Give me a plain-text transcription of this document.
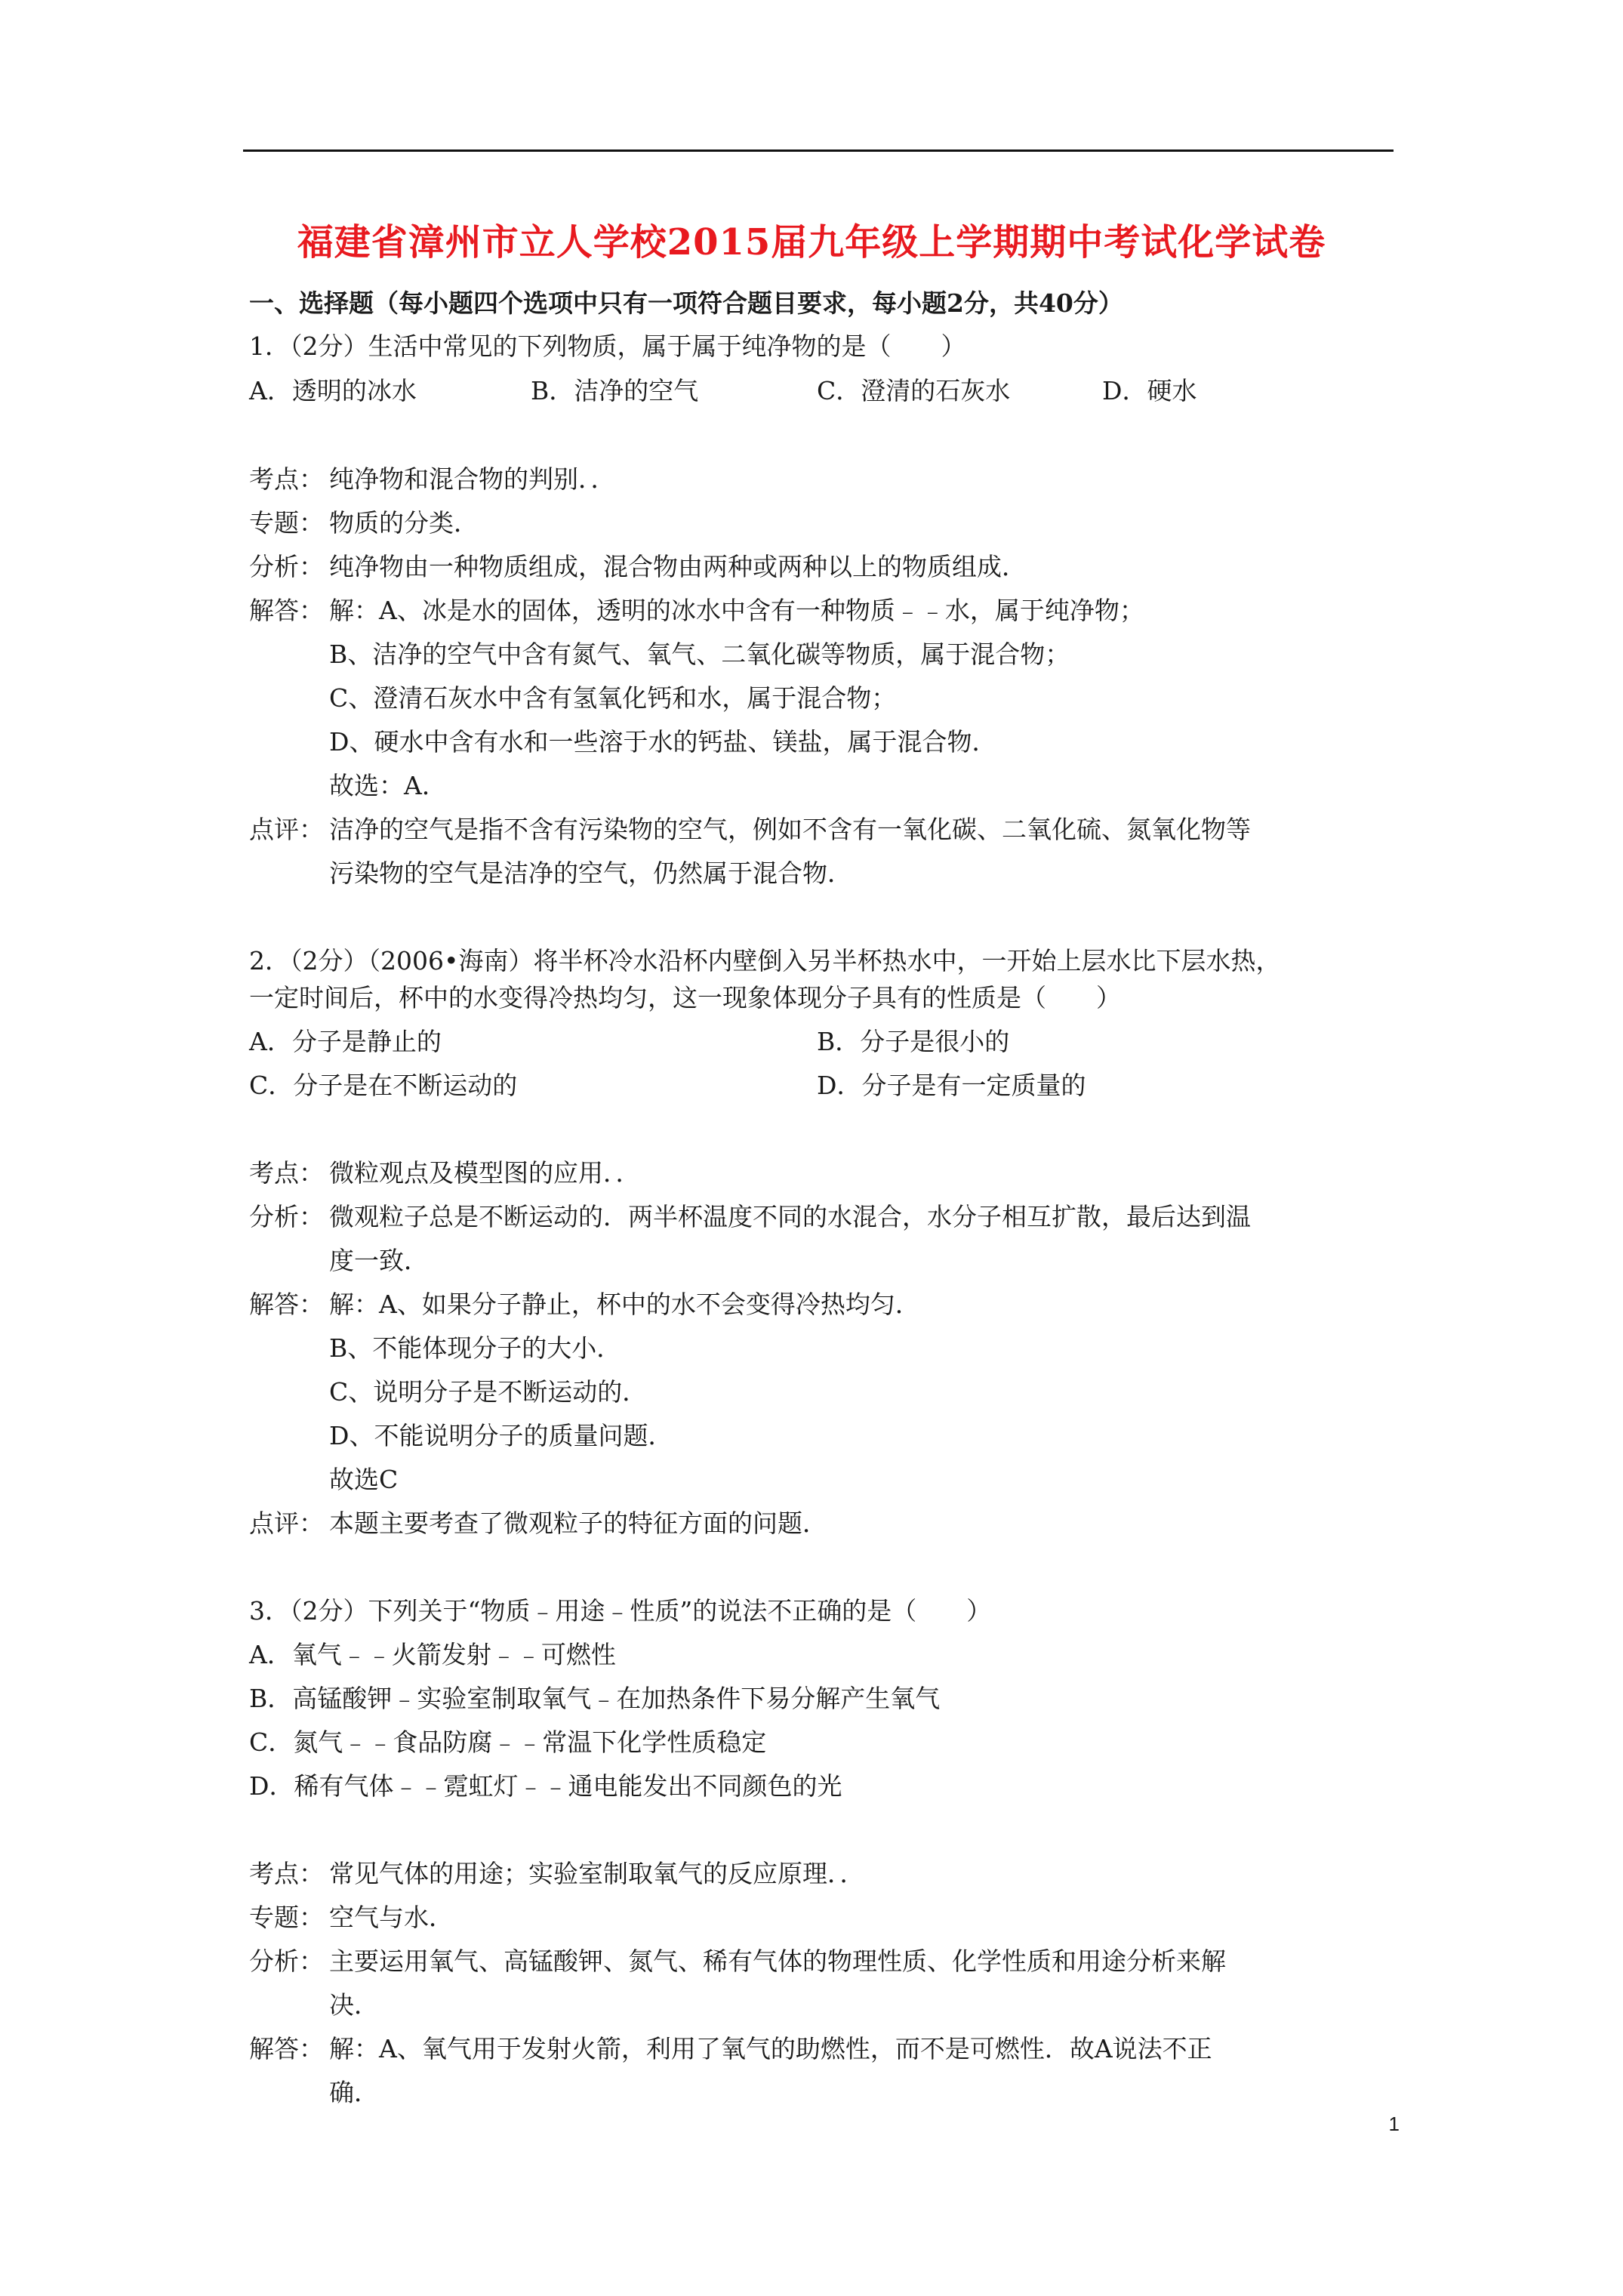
福建省漳州市立人学校2015届九年级上学期期中考试化学试卷
一、选择题（每小题四个选项中只有一项符合题目要求，每小题2分，共40分）
1．（2分）生活中常见的下列物质，属于属于纯净物的是（　　）
A．透明的冰水	B．洁净的空气	C．澄清的石灰水	D．硬水
考点： 纯净物和混合物的判别．．
专题： 物质的分类．
分析： 纯净物由一种物质组成，混合物由两种或两种以上的物质组成．
解答： 解：A、冰是水的固体，透明的冰水中含有一种物质﹣﹣水，属于纯净物；
B、洁净的空气中含有氮气、氧气、二氧化碳等物质，属于混合物；
C、澄清石灰水中含有氢氧化钙和水，属于混合物；
D、硬水中含有水和一些溶于水的钙盐、镁盐，属于混合物．
故选：A．
点评： 洁净的空气是指不含有污染物的空气，例如不含有一氧化碳、二氧化硫、氮氧化物等
污染物的空气是洁净的空气，仍然属于混合物．
2．（2分）（2006•海南）将半杯冷水沿杯内壁倒入另半杯热水中，一开始上层水比下层水热，
一定时间后，杯中的水变得冷热均匀，这一现象体现分子具有的性质是（　　）
A．分子是静止的	B．分子是很小的
C．分子是在不断运动的	D．分子是有一定质量的
考点： 微粒观点及模型图的应用．．
分析： 微观粒子总是不断运动的．两半杯温度不同的水混合，水分子相互扩散，最后达到温
度一致．
解答： 解：A、如果分子静止，杯中的水不会变得冷热均匀．
B、不能体现分子的大小．
C、说明分子是不断运动的．
D、不能说明分子的质量问题．
故选C
点评： 本题主要考查了微观粒子的特征方面的问题．
3．（2分）下列关于“物质﹣用途﹣性质”的说法不正确的是（　　）
A．氧气﹣﹣火箭发射﹣﹣可燃性
B．高锰酸钾﹣实验室制取氧气﹣在加热条件下易分解产生氧气
C．氮气﹣﹣食品防腐﹣﹣常温下化学性质稳定
D．稀有气体﹣﹣霓虹灯﹣﹣通电能发出不同颜色的光
考点： 常见气体的用途；实验室制取氧气的反应原理．．
专题： 空气与水．
分析： 主要运用氧气、高锰酸钾、氮气、稀有气体的物理性质、化学性质和用途分析来解
决．
解答： 解：A、氧气用于发射火箭，利用了氧气的助燃性，而不是可燃性．故A说法不正
确．
1
